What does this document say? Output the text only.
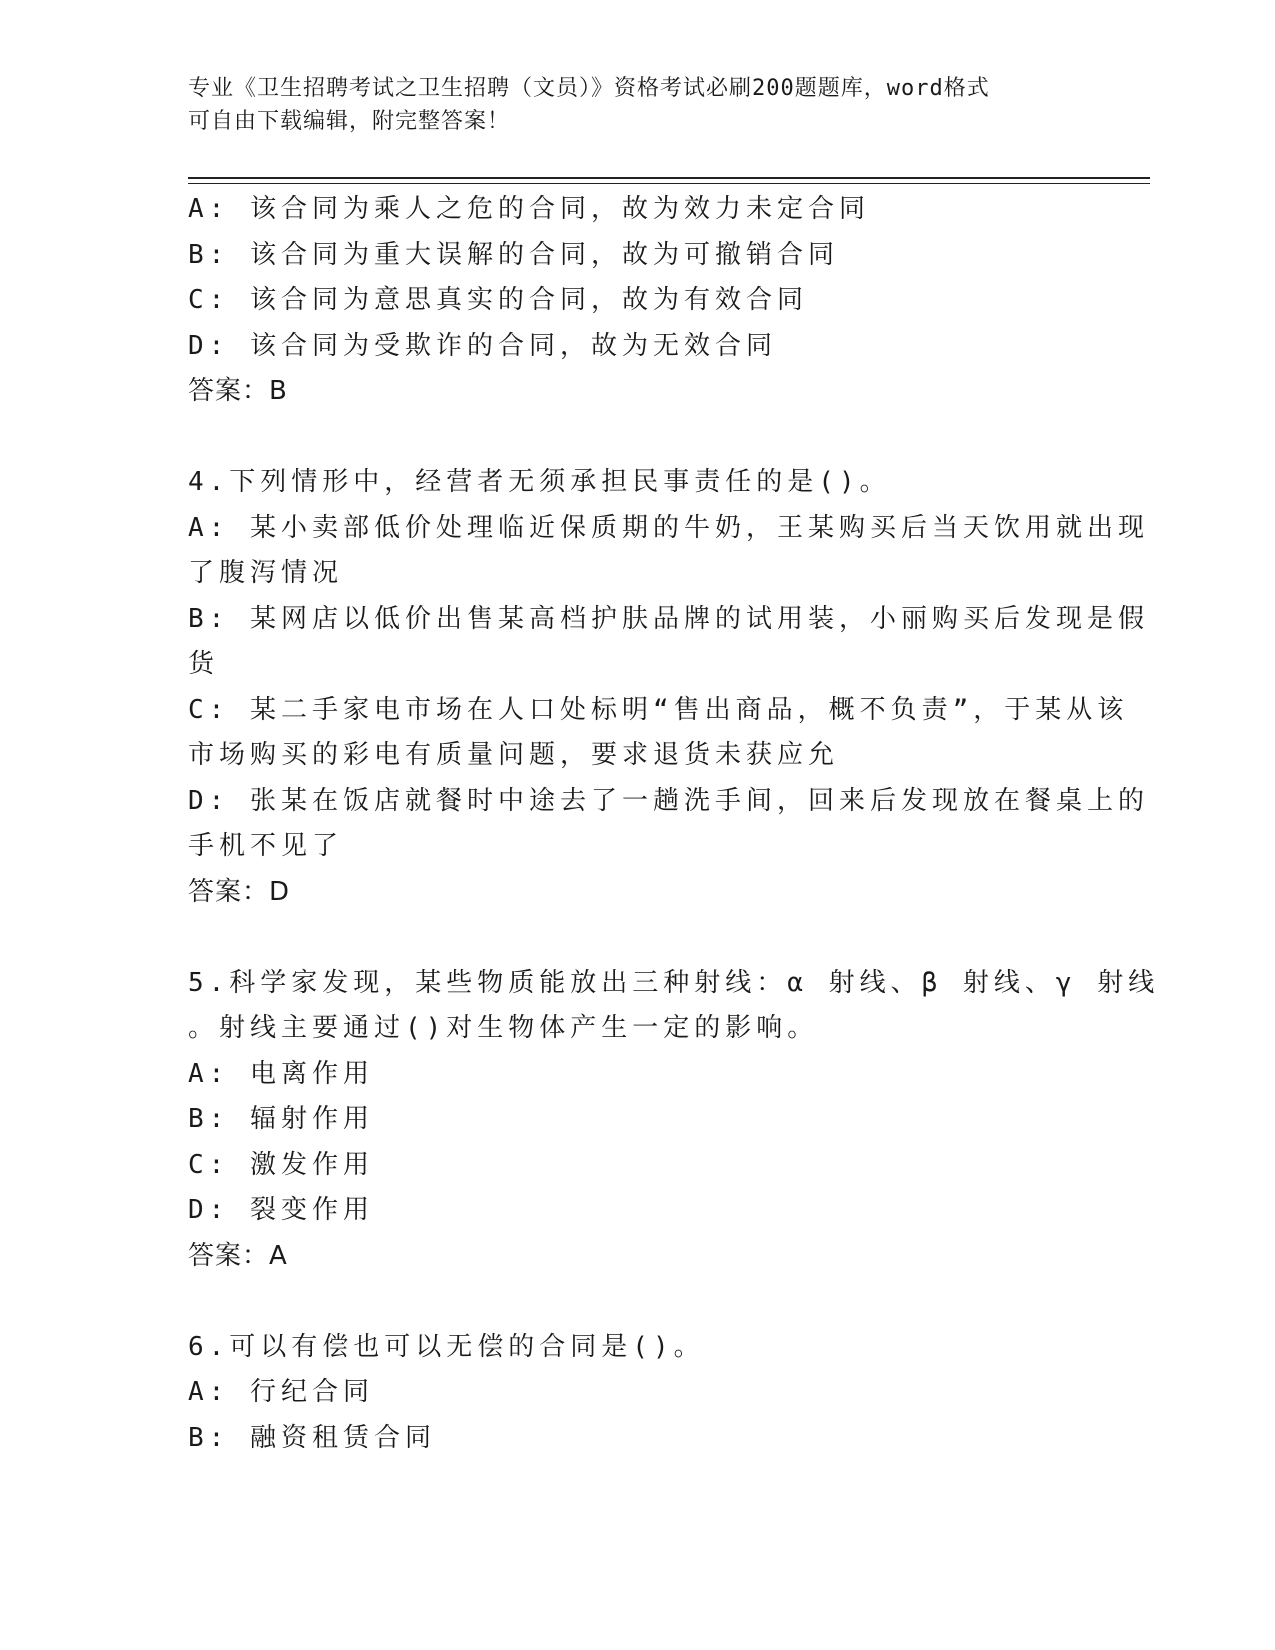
专业《卫生招聘考试之卫生招聘（文员）》资格考试必刷200题题库，word格式
可自由下载编辑，附完整答案！
A: 该合同为乘人之危的合同，故为效力未定合同
B: 该合同为重大误解的合同，故为可撤销合同
C: 该合同为意思真实的合同，故为有效合同
D: 该合同为受欺诈的合同，故为无效合同
答案：B
4.下列情形中，经营者无须承担民事责任的是()。
A: 某小卖部低价处理临近保质期的牛奶，王某购买后当天饮用就出现
了腹泻情况
B: 某网店以低价出售某高档护肤品牌的试用装，小丽购买后发现是假
货
C: 某二手家电市场在人口处标明“售出商品，概不负责”，于某从该
市场购买的彩电有质量问题，要求退货未获应允
D: 张某在饭店就餐时中途去了一趟洗手间，回来后发现放在餐桌上的
手机不见了
答案：D
5.科学家发现，某些物质能放出三种射线：α 射线、β 射线、γ 射线
。射线主要通过()对生物体产生一定的影响。
A: 电离作用
B: 辐射作用
C: 激发作用
D: 裂变作用
答案：A
6.可以有偿也可以无偿的合同是()。
A: 行纪合同
B: 融资租赁合同
